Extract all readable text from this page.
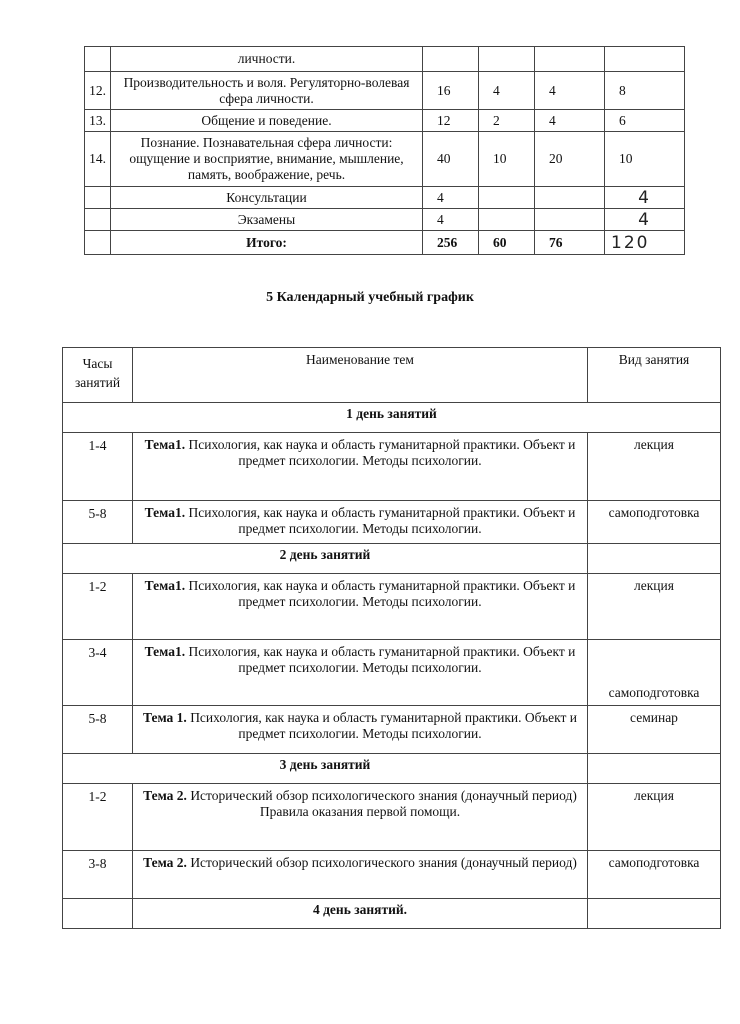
	личности.				
12.	Производительность и воля. Регуляторно-волевая сфера личности.	16	4	4	8
13.	Общение и поведение.	12	2	4	6
14.	Познание. Познавательная сфера личности: ощущение и восприятие, внимание, мышление, память, воображение, речь.	40	10	20	10
	Консультации	4			4
	Экзамены	4			4
	Итого:	256	60	76	120
5 Календарный учебный график
Часы
занятий	Наименование тем	Вид занятия
1 день занятий		
1-4	Тема1. Психология, как наука и область гуманитарной практики. Объект и предмет психологии. Методы психологии.	лекция
5-8	Тема1. Психология, как наука и область гуманитарной практики. Объект и предмет психологии. Методы психологии.	самоподготовка
2 день занятий		
1-2	Тема1. Психология, как наука и область гуманитарной практики. Объект и предмет психологии. Методы психологии.	лекция
3-4	Тема1. Психология, как наука и область гуманитарной практики. Объект и предмет психологии. Методы психологии.	самоподготовка
5-8	Тема 1. Психология, как наука и область гуманитарной практики. Объект и предмет психологии. Методы психологии.	семинар
3 день занятий		
1-2	Тема 2. Исторический обзор психологического знания (донаучный период) Правила оказания первой помощи.	лекция
3-8	Тема 2. Исторический обзор психологического знания (донаучный период)	самоподготовка
	4 день занятий.	
